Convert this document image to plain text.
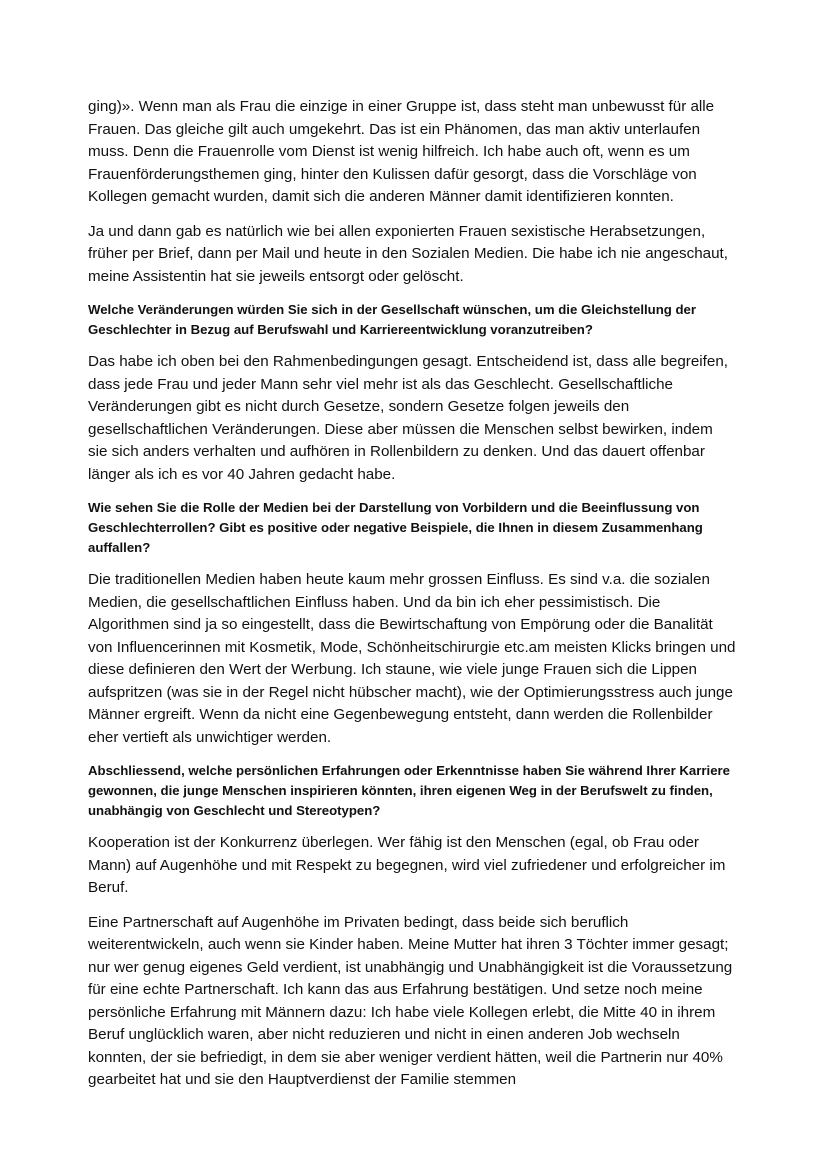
ging)». Wenn man als Frau die einzige in einer Gruppe ist, dass steht man unbewusst für alle Frauen. Das gleiche gilt auch umgekehrt. Das ist ein Phänomen, das man aktiv unterlaufen muss. Denn die Frauenrolle vom Dienst ist wenig hilfreich. Ich habe auch oft, wenn es um Frauenförderungsthemen ging, hinter den Kulissen dafür gesorgt, dass die Vorschläge von Kollegen gemacht wurden, damit sich die anderen Männer damit identifizieren konnten.

Ja und dann gab es natürlich wie bei allen exponierten Frauen sexistische Herabsetzungen, früher per Brief, dann per Mail und heute in den Sozialen Medien. Die habe ich nie angeschaut, meine Assistentin hat sie jeweils entsorgt oder gelöscht.

Welche Veränderungen würden Sie sich in der Gesellschaft wünschen, um die Gleichstellung der Geschlechter in Bezug auf Berufswahl und Karriereentwicklung voranzutreiben?

Das habe ich oben bei den Rahmenbedingungen gesagt. Entscheidend ist, dass alle begreifen, dass jede Frau und jeder Mann sehr viel mehr ist als das Geschlecht. Gesellschaftliche Veränderungen gibt es nicht durch Gesetze, sondern Gesetze folgen jeweils den gesellschaftlichen Veränderungen. Diese aber müssen die Menschen selbst bewirken, indem sie sich anders verhalten und aufhören in Rollenbildern zu denken. Und das dauert offenbar länger als ich es vor 40 Jahren gedacht habe.

Wie sehen Sie die Rolle der Medien bei der Darstellung von Vorbildern und die Beeinflussung von Geschlechterrollen? Gibt es positive oder negative Beispiele, die Ihnen in diesem Zusammenhang auffallen?

Die traditionellen Medien haben heute kaum mehr grossen Einfluss. Es sind v.a. die sozialen Medien, die gesellschaftlichen Einfluss haben. Und da bin ich eher pessimistisch. Die Algorithmen sind ja so eingestellt, dass die Bewirtschaftung von Empörung oder die Banalität von Influencerinnen mit Kosmetik, Mode, Schönheitschirurgie etc.am meisten Klicks bringen und diese definieren den Wert der Werbung. Ich staune, wie viele junge Frauen sich die Lippen aufspritzen (was sie in der Regel nicht hübscher macht), wie der Optimierungsstress auch junge Männer ergreift. Wenn da nicht eine Gegenbewegung entsteht, dann werden die Rollenbilder eher vertieft als unwichtiger werden.

Abschliessend, welche persönlichen Erfahrungen oder Erkenntnisse haben Sie während Ihrer Karriere gewonnen, die junge Menschen inspirieren könnten, ihren eigenen Weg in der Berufswelt zu finden, unabhängig von Geschlecht und Stereotypen?

Kooperation ist der Konkurrenz überlegen. Wer fähig ist den Menschen (egal, ob Frau oder Mann) auf Augenhöhe und mit Respekt zu begegnen, wird viel zufriedener und erfolgreicher im Beruf.

Eine Partnerschaft auf Augenhöhe im Privaten bedingt, dass beide sich beruflich weiterentwickeln, auch wenn sie Kinder haben. Meine Mutter hat ihren 3 Töchter immer gesagt; nur wer genug eigenes Geld verdient, ist unabhängig und Unabhängigkeit ist die Voraussetzung für eine echte Partnerschaft. Ich kann das aus Erfahrung bestätigen. Und setze noch meine persönliche Erfahrung mit Männern dazu: Ich habe viele Kollegen erlebt, die Mitte 40 in ihrem Beruf unglücklich waren, aber nicht reduzieren und nicht in einen anderen Job wechseln konnten, der sie befriedigt, in dem sie aber weniger verdient hätten, weil die Partnerin nur 40% gearbeitet hat und sie den Hauptverdienst der Familie stemmen
